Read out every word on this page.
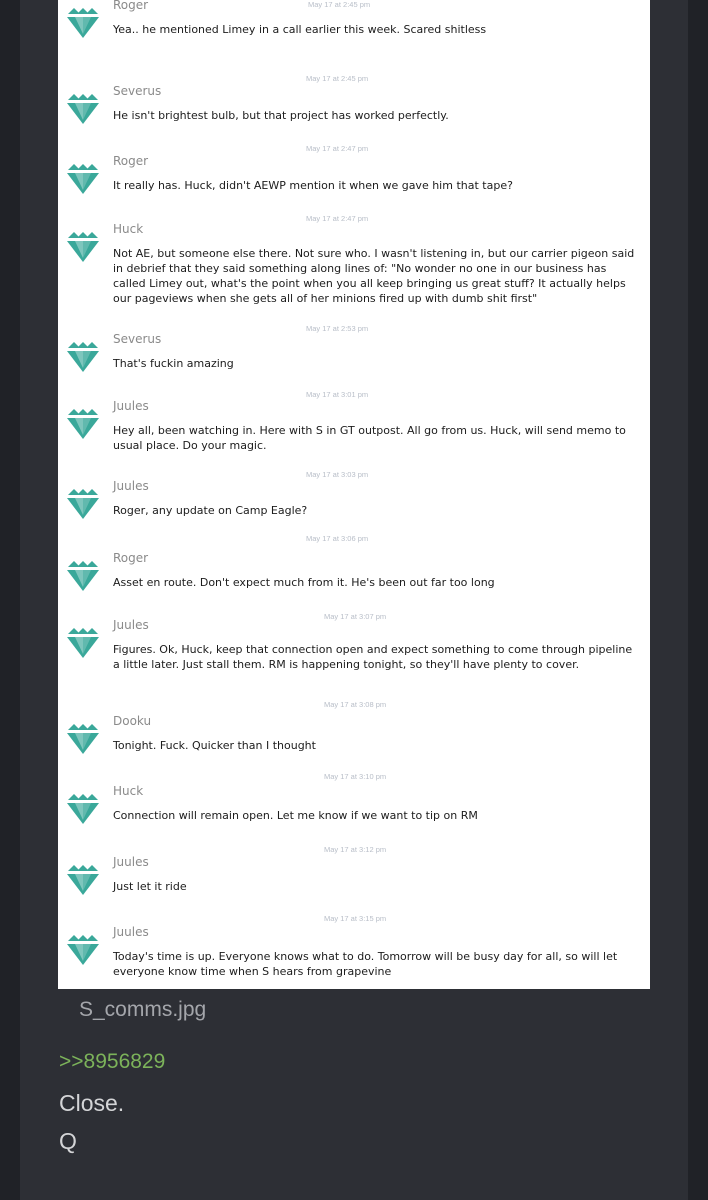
Roger
Yea.. he mentioned Limey in a call earlier this week. Scared shitless
May 17 at 2:45 pm
Severus
He isn't brightest bulb, but that project has worked perfectly.
May 17 at 2:45 pm
Roger
It really has. Huck, didn't AEWP mention it when we gave him that tape?
May 17 at 2:47 pm
Huck
Not AE, but someone else there. Not sure who. I wasn't listening in, but our carrier pigeon said in debrief that they said something along lines of: "No wonder no one in our business has called Limey out, what's the point when you all keep bringing us great stuff? It actually helps our pageviews when she gets all of her minions fired up with dumb shit first"
May 17 at 2:47 pm
Severus
That's fuckin amazing
May 17 at 2:53 pm
Juules
Hey all, been watching in. Here with S in GT outpost. All go from us. Huck, will send memo to usual place. Do your magic.
May 17 at 3:01 pm
Juules
Roger, any update on Camp Eagle?
May 17 at 3:03 pm
Roger
Asset en route. Don't expect much from it. He's been out far too long
May 17 at 3:06 pm
Juules
Figures. Ok, Huck, keep that connection open and expect something to come through pipeline a little later. Just stall them. RM is happening tonight, so they'll have plenty to cover.
May 17 at 3:07 pm
Dooku
Tonight. Fuck. Quicker than I thought
May 17 at 3:08 pm
Huck
Connection will remain open. Let me know if we want to tip on RM
May 17 at 3:10 pm
Juules
Just let it ride
May 17 at 3:12 pm
Juules
Today's time is up. Everyone knows what to do. Tomorrow will be busy day for all, so will let everyone know time when S hears from grapevine
May 17 at 3:15 pm
S_comms.jpg
>>8956829
Close.
Q
